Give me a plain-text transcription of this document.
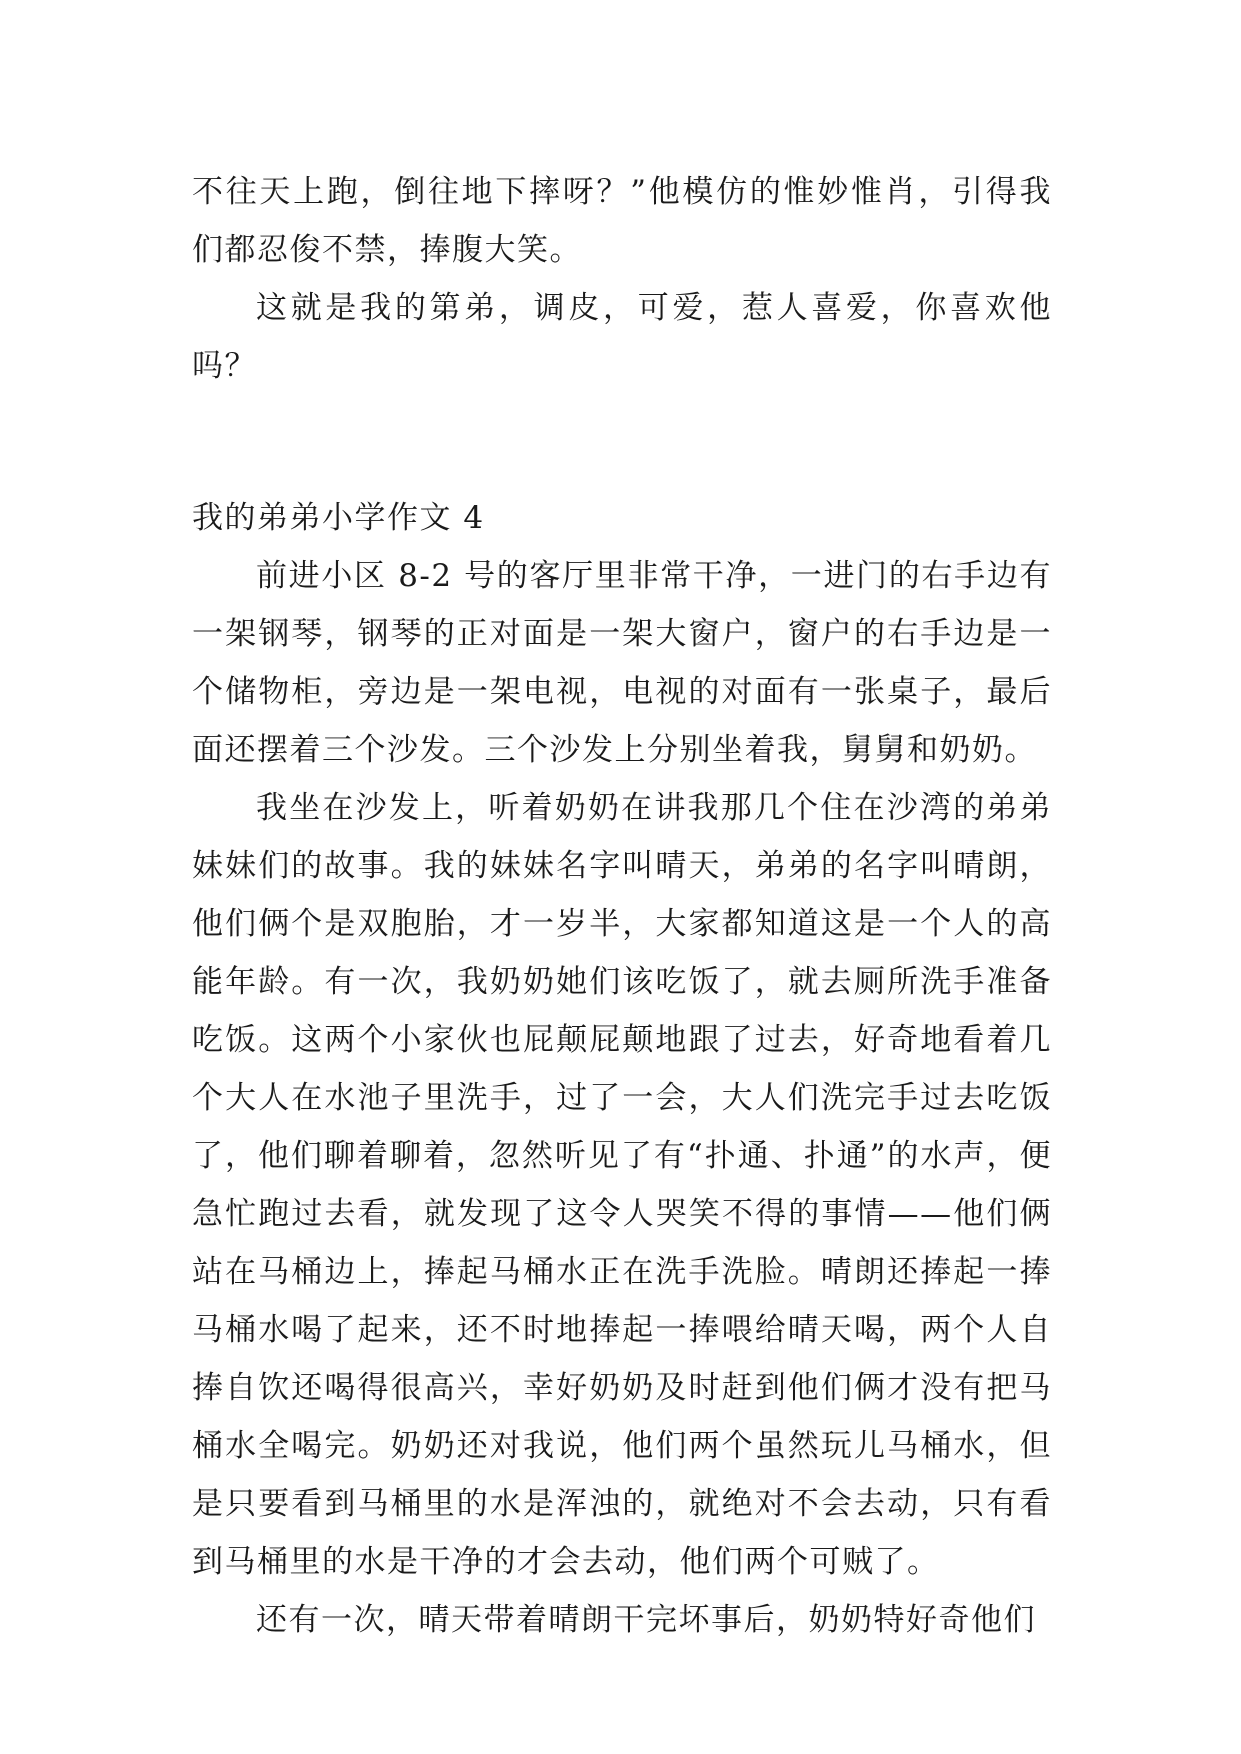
不往天上跑，倒往地下摔呀？”他模仿的惟妙惟肖，引得我们都忍俊不禁，捧腹大笑。

这就是我的第弟，调皮，可爱，惹人喜爱，你喜欢他吗？

我的弟弟小学作文 4

前进小区 8-2 号的客厅里非常干净，一进门的右手边有一架钢琴，钢琴的正对面是一架大窗户，窗户的右手边是一个储物柜，旁边是一架电视，电视的对面有一张桌子，最后面还摆着三个沙发。三个沙发上分别坐着我，舅舅和奶奶。

我坐在沙发上，听着奶奶在讲我那几个住在沙湾的弟弟妹妹们的故事。我的妹妹名字叫晴天，弟弟的名字叫晴朗，他们俩个是双胞胎，才一岁半，大家都知道这是一个人的高能年龄。有一次，我奶奶她们该吃饭了，就去厕所洗手准备吃饭。这两个小家伙也屁颠屁颠地跟了过去，好奇地看着几个大人在水池子里洗手，过了一会，大人们洗完手过去吃饭了，他们聊着聊着，忽然听见了有“扑通、扑通”的水声，便急忙跑过去看，就发现了这令人哭笑不得的事情——他们俩站在马桶边上，捧起马桶水正在洗手洗脸。晴朗还捧起一捧马桶水喝了起来，还不时地捧起一捧喂给晴天喝，两个人自捧自饮还喝得很高兴，幸好奶奶及时赶到他们俩才没有把马桶水全喝完。奶奶还对我说，他们两个虽然玩儿马桶水，但是只要看到马桶里的水是浑浊的，就绝对不会去动，只有看到马桶里的水是干净的才会去动，他们两个可贼了。

还有一次，晴天带着晴朗干完坏事后，奶奶特好奇他们
